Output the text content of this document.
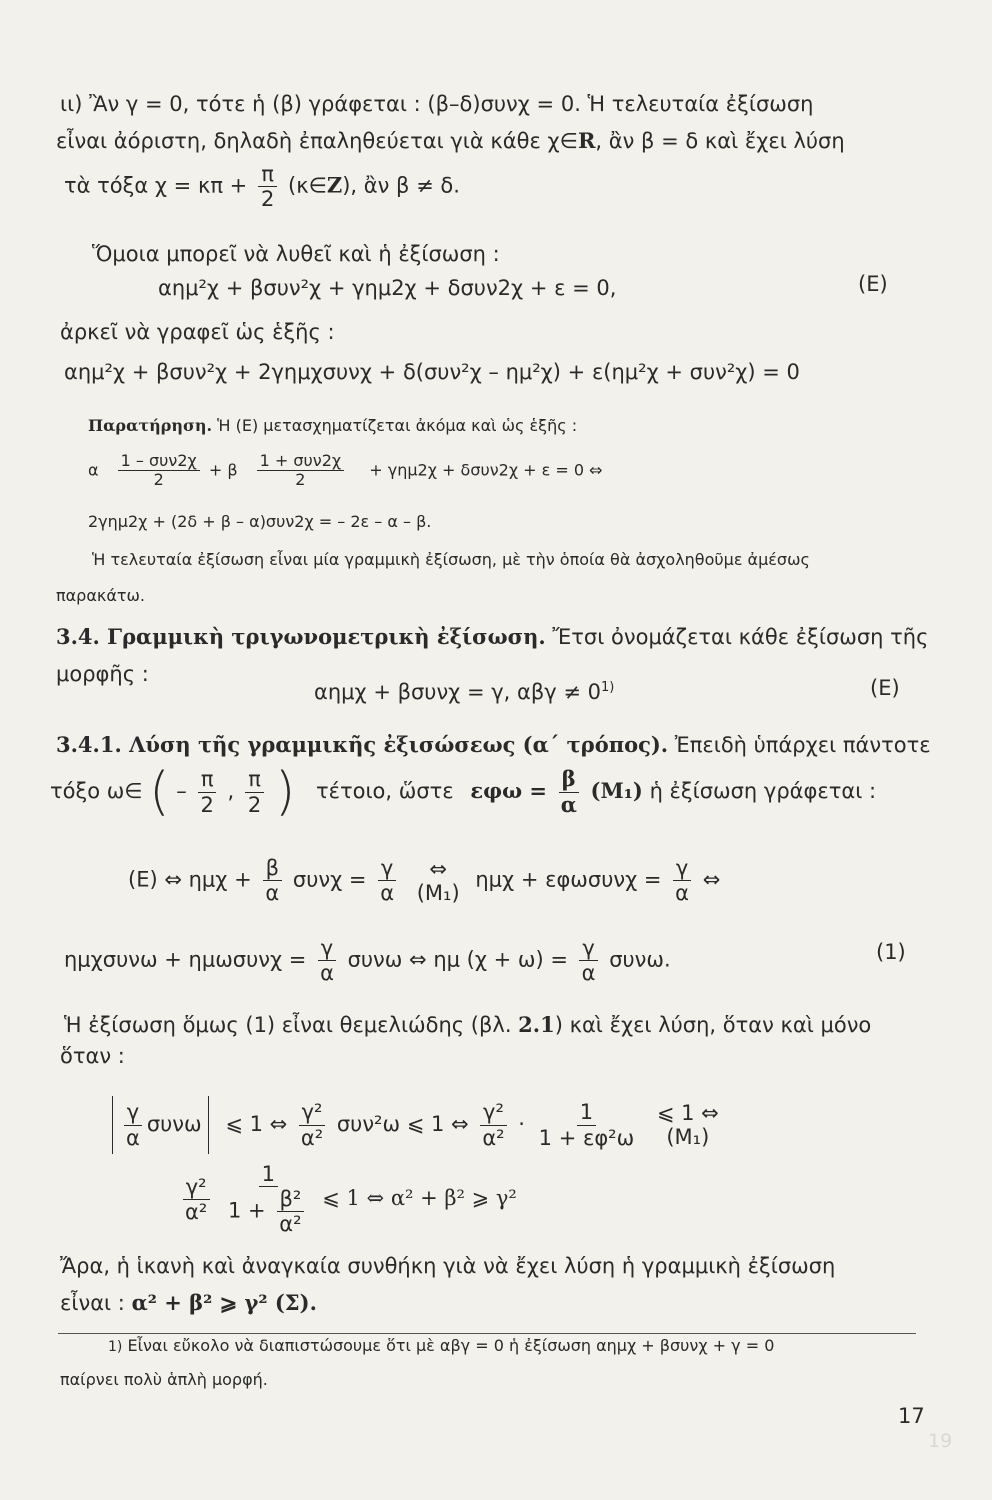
19
ιι) Ἂν γ = 0, τότε ἡ (β) γράφεται : (β–δ)συνχ = 0. Ἡ τελευταία ἐξίσωση
εἶναι ἀόριστη, δηλαδὴ ἐπαληθεύεται γιὰ κάθε χ∈R, ἂν β = δ καὶ ἔχει λύση
τὰ τόξα $\chi = \kappa\pi + \frac{\pi}{2}$ (κ∈Z), ἂν β ≠ δ.
Ὅμοια μπορεῖ νὰ λυθεῖ καὶ ἡ ἐξίσωση :
αημ²χ + βσυν²χ + γημ2χ + δσυν2χ + ε = 0,	(E)
ἀρκεῖ νὰ γραφεῖ ὡς ἑξῆς :
αημ²χ + βσυν²χ + 2γημχσυνχ + δ(συν²χ – ημ²χ) + ε(ημ²χ + συν²χ) = 0
Παρατήρηση. Ἡ (Ε) μετασχηματίζεται ἀκόμα καὶ ὡς ἑξῆς :
α $\frac{\text{1 – συν2χ}}{2} + \beta \frac{\text{1 + συν2χ}}{2} + \gamma\eta\mu 2\chi + \delta\sigma\upsilon\nu 2\chi + \varepsilon = 0$ ⇔
2γημ2χ + (2δ + β – α)συν2χ = – 2ε – α – β.
Ἡ τελευταία ἐξίσωση εἶναι μία γραμμικὴ ἐξίσωση, μὲ τὴν ὁποία θὰ ἀσχοληθοῦμε ἀμέσως
παρακάτω.
3.4. Γραμμικὴ τριγωνομετρικὴ ἐξίσωση. Ἔτσι ὀνομάζεται κάθε ἐξίσωση τῆς
μορφῆς :
αημχ + βσυνχ = γ, $\alpha\beta\gamma \ne 0^{1)}$	(E)
3.4.1. Λύση τῆς γραμμικῆς ἐξισώσεως (α΄ τρόπος). Ἐπειδὴ ὑπάρχει πάντοτε
τόξο ω∈ ( – $\frac{\pi}{2}$ , $\frac{\pi}{2}$ ) τέτοιο, ὥστε $\varepsilon\varphi\omega = \frac{\beta}{\alpha} (M_1)$ ἡ ἐξίσωση γράφεται :
(E) ⇔ $\eta\mu\chi + \frac{\beta}{\alpha}$ $\sigma\upsilon\nu\chi = \frac{\gamma}{\alpha}$
⇔
(M₁)
$\eta\mu\chi + \varepsilon\varphi\omega\sigma\upsilon\nu\chi = \frac{\gamma}{\alpha}$ ⇔
$\eta\mu\chi\sigma\upsilon\nu\omega + \eta\mu\omega\sigma\upsilon\nu\chi = \frac{\gamma}{\alpha}$ συνω ⇔ ημ $(\chi + \omega) = \frac{\gamma}{\alpha} \sigma\upsilon\nu\omega$.	(1)
Ἡ ἐξίσωση ὅμως (1) εἶναι θεμελιώδης (βλ. 2.1) καὶ ἔχει λύση, ὅταν καὶ μόνο
ὅταν :
$\frac{\gamma}{\alpha}$ συνω ⩽ 1 ⇔ $\frac{\text{γ²}}{\text{α²}} \sigma\upsilon\nu^2\omega$ ⩽ 1 ⇔ $\frac{\text{γ²}}{\text{α²}} \cdot \frac{1}{\text{1 + εφ²ω}}$
⩽ 1 ⇔
(M₁)
$\frac{\text{γ²}}{\text{α²}}$
$\frac{1}{1 + \frac{\text{β²}}{\text{α²}}}$ ⩽ 1 ⇔ α² + β² ⩾ γ²
Ἄρα, ἡ ἱκανὴ καὶ ἀναγκαία συνθήκη γιὰ νὰ ἔχει λύση ἡ γραμμικὴ ἐξίσωση
εἶναι : α² + β² ⩾ γ² (Σ).
1) Εἶναι εὔκολο νὰ διαπιστώσουμε ὅτι μὲ αβγ = 0 ἡ ἐξίσωση αημχ + βσυνχ + γ = 0
παίρνει πολὺ ἁπλὴ μορφή.
17
